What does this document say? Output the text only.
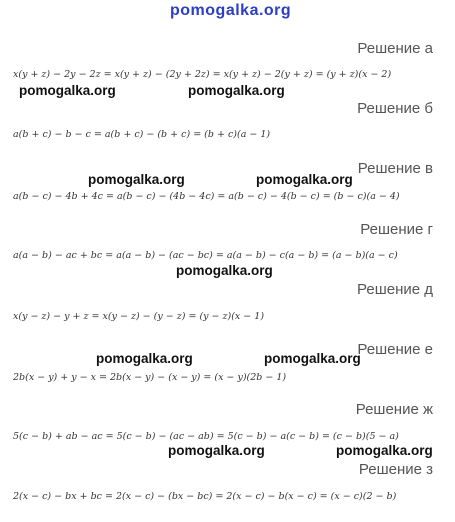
pomogalka.org
Решение а
x(y + z) − 2y − 2z = x(y + z) − (2y + 2z) = x(y + z) − 2(y + z) = (y + z)(x − 2)
pomogalka.org	pomogalka.org
Решение б
a(b + c) − b − c = a(b + c) − (b + c) = (b + c)(a − 1)
pomogalka.org	pomogalka.org
Решение в
a(b − c) − 4b + 4c = a(b − c) − (4b − 4c) = a(b − c) − 4(b − c) = (b − c)(a − 4)
Решение г
a(a − b) − ac + bc = a(a − b) − (ac − bc) = a(a − b) − c(a − b) = (a − b)(a − c)
pomogalka.org
Решение д
x(y − z) − y + z = x(y − z) − (y − z) = (y − z)(x − 1)
Решение е
pomogalka.org	pomogalka.org
2b(x − y) + y − x = 2b(x − y) − (x − y) = (x − y)(2b − 1)
Решение ж
5(c − b) + ab − ac = 5(c − b) − (ac − ab) = 5(c − b) − a(c − b) = (c − b)(5 − a)
pomogalka.org	pomogalka.org
Решение з
2(x − c) − bx + bc = 2(x − c) − (bx − bc) = 2(x − c) − b(x − c) = (x − c)(2 − b)
